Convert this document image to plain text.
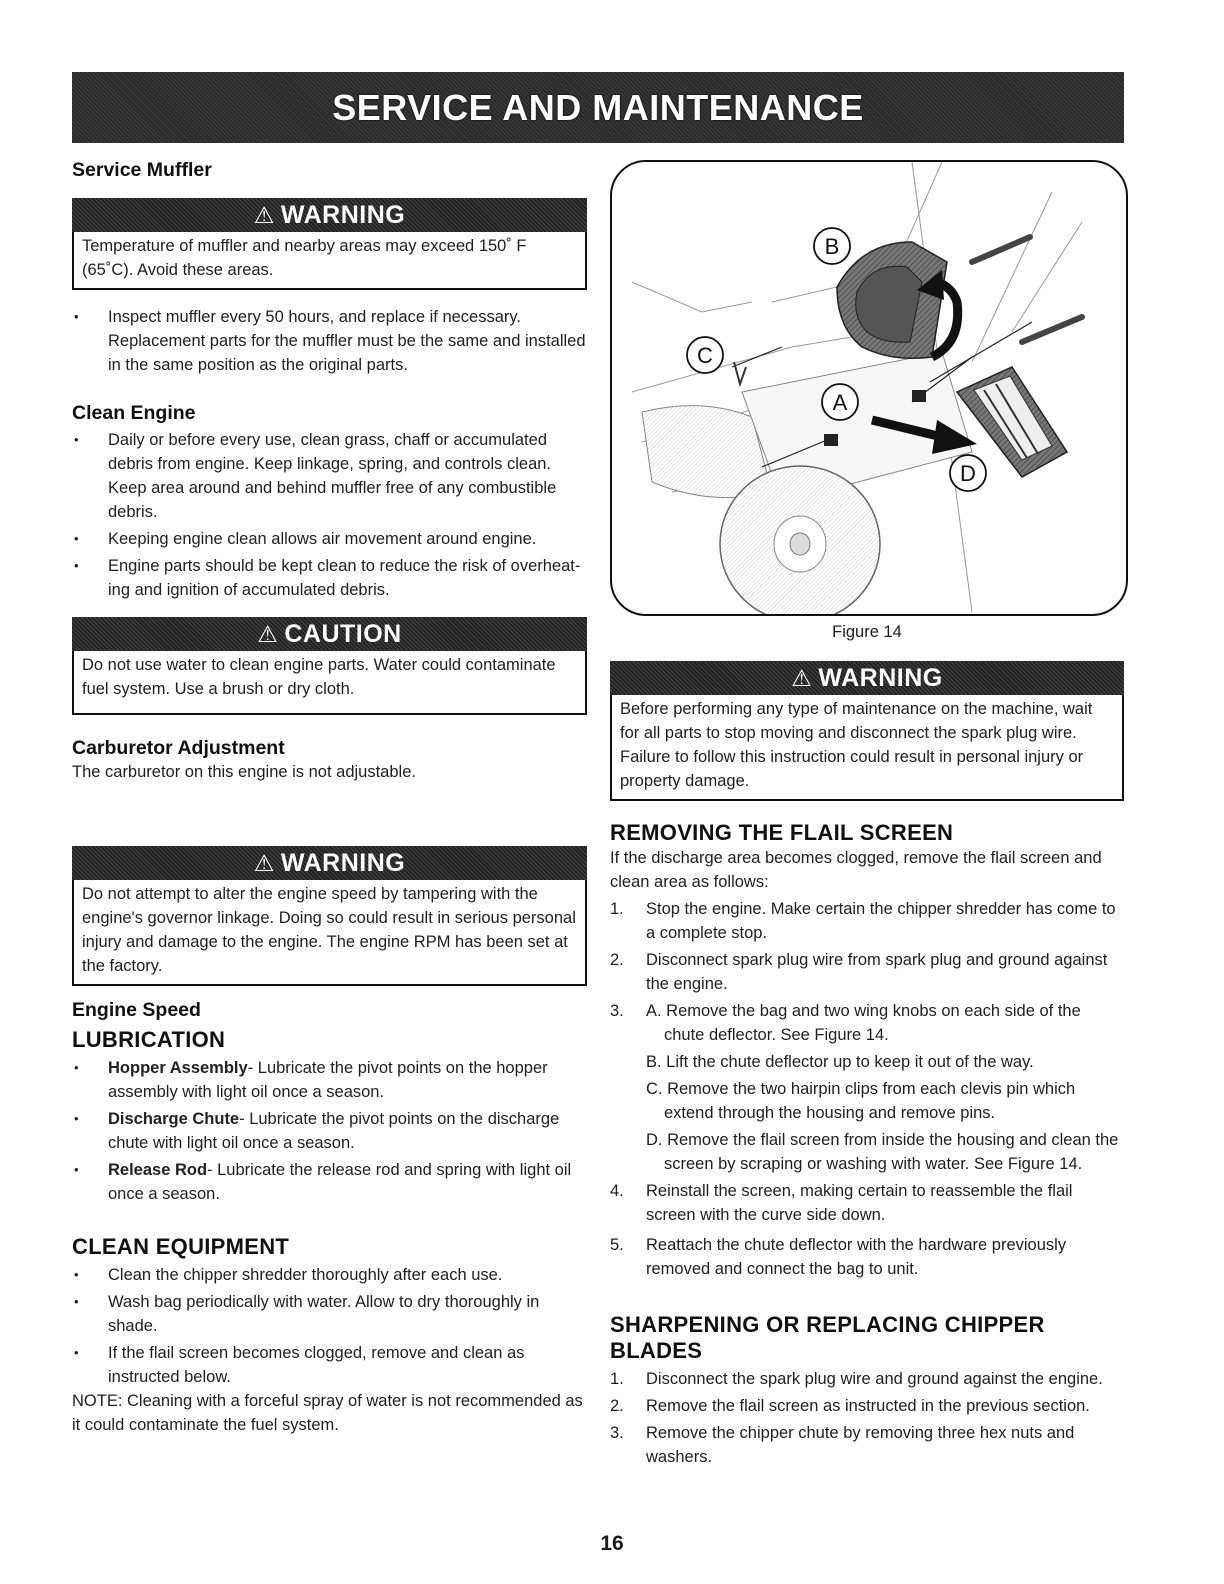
SERVICE AND MAINTENANCE
Service Muffler
⚠ WARNING
Temperature of muffler and nearby areas may exceed 150˚ F (65˚C). Avoid these areas.
• Inspect muffler every 50 hours, and replace if necessary. Replacement parts for the muffler must be the same and installed in the same position as the original parts.
Clean Engine
• Daily or before every use, clean grass, chaff or accumulated debris from engine. Keep linkage, spring, and controls clean. Keep area around and behind muffler free of any combustible debris.
• Keeping engine clean allows air movement around engine.
• Engine parts should be kept clean to reduce the risk of overheat-ing and ignition of accumulated debris.
⚠ CAUTION
Do not use water to clean engine parts. Water could contaminate fuel system. Use a brush or dry cloth.
Carburetor Adjustment
The carburetor on this engine is not adjustable.
⚠ WARNING
Do not attempt to alter the engine speed by tampering with the engine's governor linkage. Doing so could result in serious personal injury and damage to the engine. The engine RPM has been set at the factory.
Engine Speed
LUBRICATION
• Hopper Assembly- Lubricate the pivot points on the hopper assembly with light oil once a season.
• Discharge Chute- Lubricate the pivot points on the discharge chute with light oil once a season.
• Release Rod- Lubricate the release rod and spring with light oil once a season.
CLEAN EQUIPMENT
• Clean the chipper shredder thoroughly after each use.
• Wash bag periodically with water. Allow to dry thoroughly in shade.
• If the flail screen becomes clogged, remove and clean as instructed below.
NOTE: Cleaning with a forceful spray of water is not recommended as it could contaminate the fuel system.
B
C
A
D
Figure 14
⚠ WARNING
Before performing any type of maintenance on the machine, wait for all parts to stop moving and disconnect the spark plug wire. Failure to follow this instruction could result in personal injury or property damage.
REMOVING THE FLAIL SCREEN
If the discharge area becomes clogged, remove the flail screen and clean area as follows:
1. Stop the engine. Make certain the chipper shredder has come to a complete stop.
2. Disconnect spark plug wire from spark plug and ground against the engine.
3. A. Remove the bag and two wing knobs on each side of the chute deflector. See Figure 14.
B. Lift the chute deflector up to keep it out of the way.
C. Remove the two hairpin clips from each clevis pin which extend through the housing and remove pins.
D. Remove the flail screen from inside the housing and clean the screen by scraping or washing with water. See Figure 14.
4. Reinstall the screen, making certain to reassemble the flail screen with the curve side down.
5. Reattach the chute deflector with the hardware previously removed and connect the bag to unit.
SHARPENING OR REPLACING CHIPPER BLADES
1. Disconnect the spark plug wire and ground against the engine.
2. Remove the flail screen as instructed in the previous section.
3. Remove the chipper chute by removing three hex nuts and washers.
16
